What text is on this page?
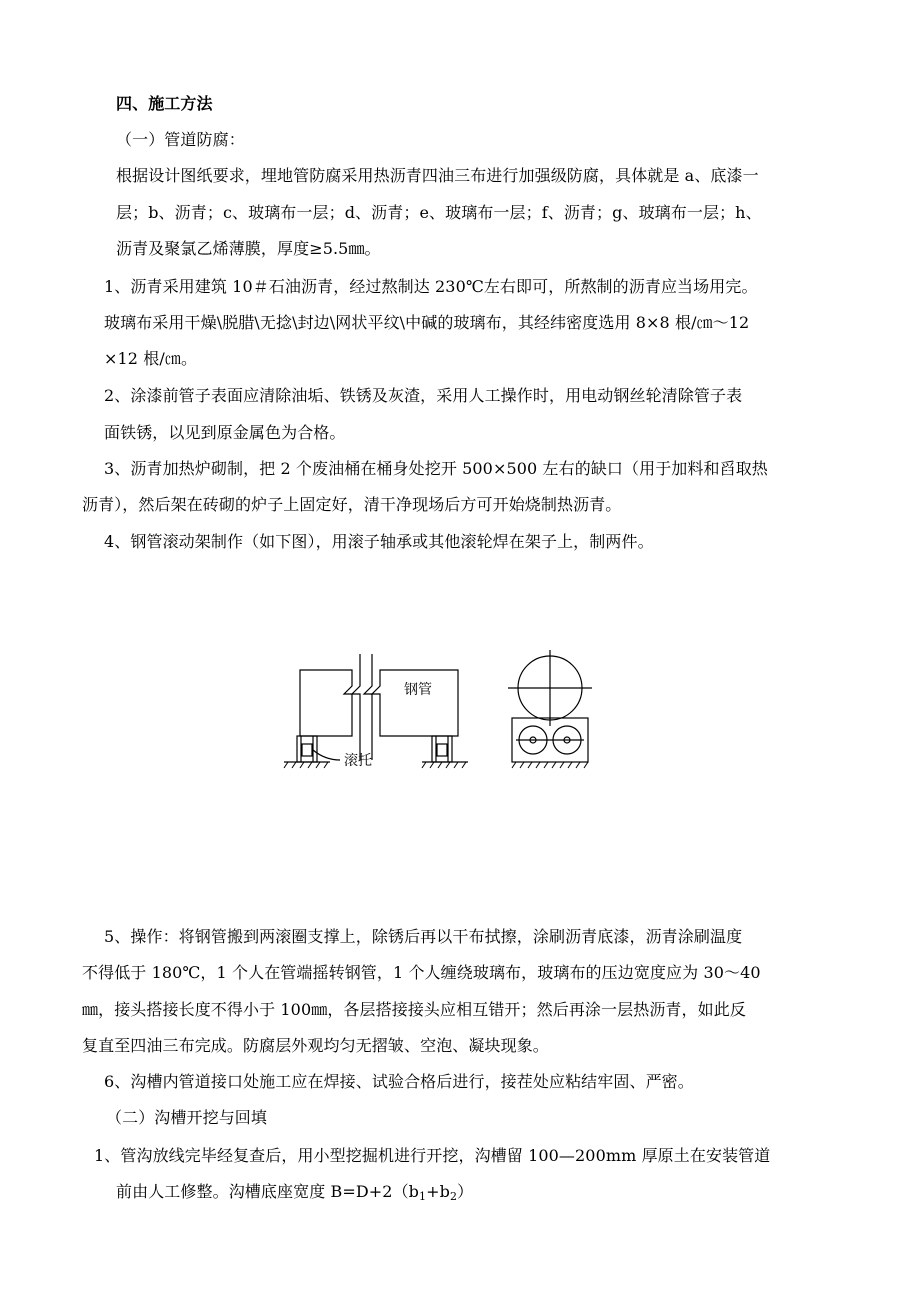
四、施工方法
（一）管道防腐：
根据设计图纸要求，埋地管防腐采用热沥青四油三布进行加强级防腐，具体就是 a、底漆一
层；b、沥青；c、玻璃布一层；d、沥青；e、玻璃布一层；f、沥青；g、玻璃布一层；h、
沥青及聚氯乙烯薄膜，厚度≥5.5㎜。
1、沥青采用建筑 10＃石油沥青，经过熬制达 230℃左右即可，所熬制的沥青应当场用完。
玻璃布采用干燥\脱腊\无捻\封边\网状平纹\中碱的玻璃布，其经纬密度选用 8×8 根/㎝～12
×12 根/㎝。
2、涂漆前管子表面应清除油垢、铁锈及灰渣，采用人工操作时，用电动钢丝轮清除管子表
面铁锈，以见到原金属色为合格。
3、沥青加热炉砌制，把 2 个废油桶在桶身处挖开 500×500 左右的缺口（用于加料和舀取热
沥青），然后架在砖砌的炉子上固定好，清干净现场后方可开始烧制热沥青。
4、钢管滚动架制作（如下图），用滚子轴承或其他滚轮焊在架子上，制两件。
钢管
滚托
5、操作：将钢管搬到两滚圈支撑上，除锈后再以干布拭擦，涂刷沥青底漆，沥青涂刷温度
不得低于 180℃，1 个人在管端摇转钢管，1 个人缠绕玻璃布，玻璃布的压边宽度应为 30～40
㎜，接头搭接长度不得小于 100㎜，各层搭接接头应相互错开；然后再涂一层热沥青，如此反
复直至四油三布完成。防腐层外观均匀无摺皱、空泡、凝块现象。
6、沟槽内管道接口处施工应在焊接、试验合格后进行，接茬处应粘结牢固、严密。
（二）沟槽开挖与回填
1、管沟放线完毕经复查后，用小型挖掘机进行开挖，沟槽留 100—200mm 厚原土在安装管道
前由人工修整。沟槽底座宽度 $B=D+2(b_1+b_2)$
